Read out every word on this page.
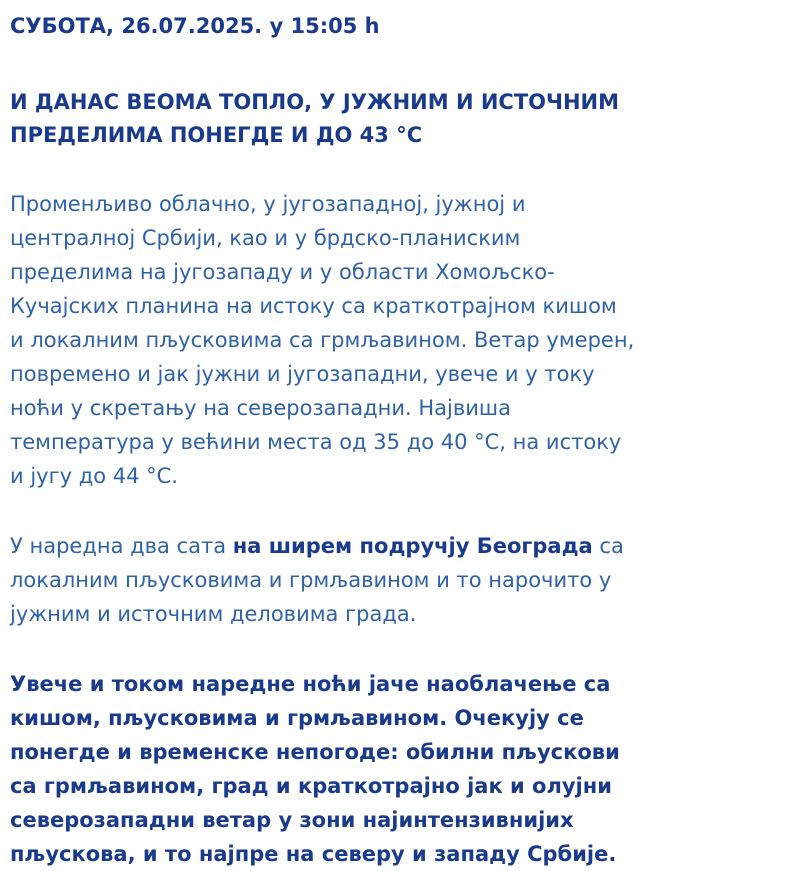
СУБОТА, 26.07.2025. у 15:05 h

И ДАНАС ВЕОМА ТОПЛО, У ЈУЖНИМ И ИСТОЧНИМ
ПРЕДЕЛИМА ПОНЕГДЕ И ДО 43 °C

Променљиво облачно, у југозападној, јужној и
централној Србији, као и у брдско-планиским
пределима на југозападу и у области Хомољско-
Кучајских планина на истоку са краткотрајном кишом
и локалним пљусковима са грмљавином. Ветар умерен,
повремено и јак јужни и југозападни, увече и у току
ноћи у скретању на северозападни. Највиша
температура у већини места од 35 до 40 °C, на истоку
и југу до 44 °C.

У наредна два сата на ширем подручју Београда са
локалним пљусковима и грмљавином и то нарочито у
јужним и источним деловима града.

Увече и током наредне ноћи јаче наоблачење са
кишом, пљусковима и грмљавином. Очекују се
понегде и временске непогоде: обилни пљускови
са грмљавином, град и краткотрајно јак и олујни
северозападни ветар у зони најинтензивнијих
пљускова, и то најпре на северу и западу Србије.
